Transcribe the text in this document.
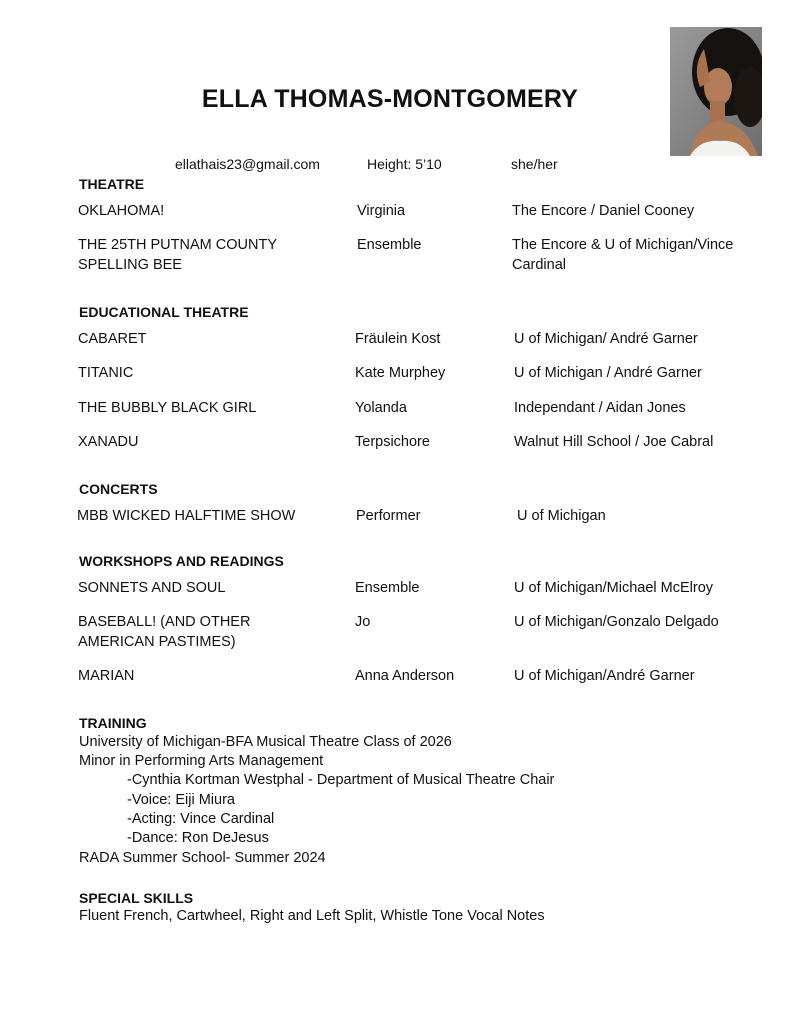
ELLA THOMAS-MONTGOMERY
ellathais23@gmail.com	Height: 5’10	she/her
THEATRE
OKLAHOMA!	Virginia	The Encore / Daniel Cooney
THE 25TH PUTNAM COUNTY SPELLING BEE
Ensemble	The Encore & U of Michigan/Vince Cardinal
EDUCATIONAL THEATRE
CABARET	Fräulein Kost	U of Michigan/ André Garner
TITANIC	Kate Murphey	U of Michigan / André Garner
THE BUBBLY BLACK GIRL	Yolanda	Independant / Aidan Jones
XANADU	Terpsichore	Walnut Hill School / Joe Cabral
CONCERTS
MBB WICKED HALFTIME SHOW	Performer	U of Michigan
WORKSHOPS AND READINGS
SONNETS AND SOUL	Ensemble	U of Michigan/Michael McElroy
BASEBALL! (AND OTHER AMERICAN PASTIMES)
Jo	U of Michigan/Gonzalo Delgado
MARIAN	Anna Anderson	U of Michigan/André Garner
TRAINING
University of Michigan-BFA Musical Theatre Class of 2026
Minor in Performing Arts Management
-Cynthia Kortman Westphal - Department of Musical Theatre Chair
-Voice: Eiji Miura
-Acting: Vince Cardinal
-Dance: Ron DeJesus
RADA Summer School- Summer 2024
SPECIAL SKILLS
Fluent French, Cartwheel, Right and Left Split, Whistle Tone Vocal Notes
